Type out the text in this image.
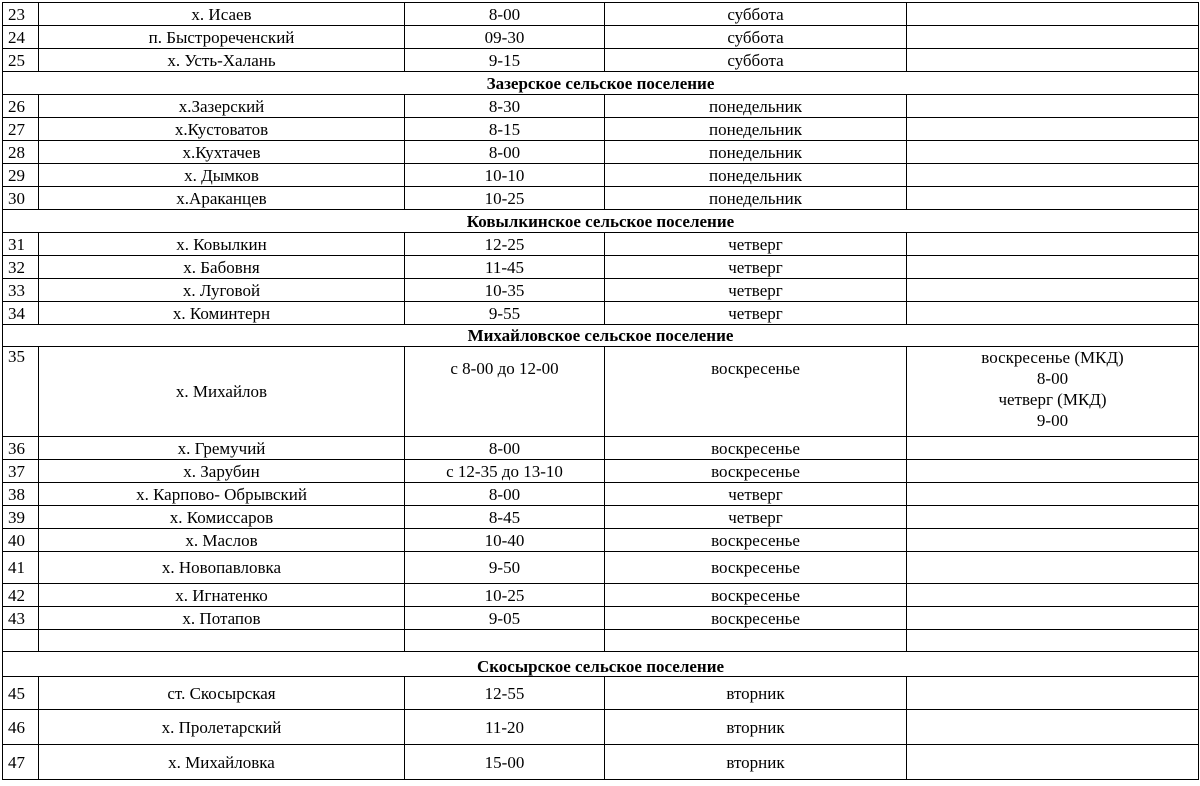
23	х. Исаев	8-00	суббота	
24	п. Быстрореченский	09-30	суббота	
25	х. Усть-Халань	9-15	суббота	
Зазерское сельское поселение				
26	х.Зазерский	8-30	понедельник	
27	х.Кустоватов	8-15	понедельник	
28	х.Кухтачев	8-00	понедельник	
29	х. Дымков	10-10	понедельник	
30	х.Араканцев	10-25	понедельник	
Ковылкинское сельское поселение				
31	х. Ковылкин	12-25	четверг	
32	х. Бабовня	11-45	четверг	
33	х. Луговой	10-35	четверг	
34	х. Коминтерн	9-55	четверг	
Михайловское сельское поселение				
35	х. Михайлов	с 8-00 до 12-00	воскресенье	воскресенье (МКД)
8-00
четверг (МКД)
9-00

36	х. Гремучий	8-00	воскресенье	
37	х. Зарубин	с 12-35 до 13-10	воскресенье	
38	х. Карпово- Обрывский	8-00	четверг	
39	х. Комиссаров	8-45	четверг	
40	х. Маслов	10-40	воскресенье	
41	х. Новопавловка	9-50	воскресенье	
42	х. Игнатенко	10-25	воскресенье	
43	х. Потапов	9-05	воскресенье	

Скосырское сельское поселение				
45	ст. Скосырская	12-55	вторник	
46	х. Пролетарский	11-20	вторник	
47	х. Михайловка	15-00	вторник	
